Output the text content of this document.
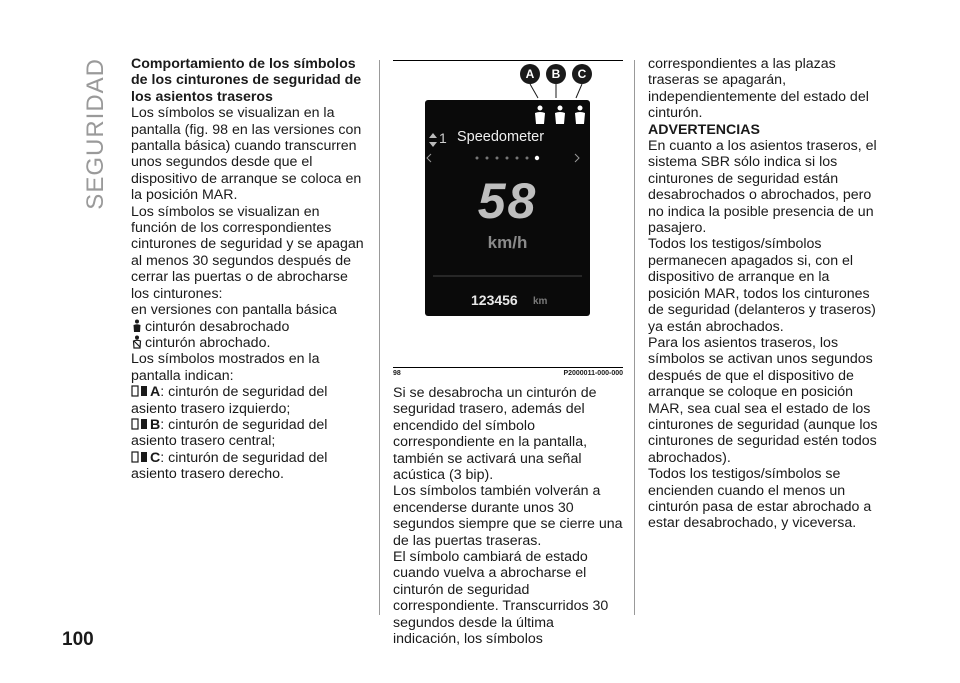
SEGURIDAD Comportamiento de los símbolos de los cinturones de seguridad de los asientos traseros

Los símbolos se visualizan en la pantalla (fig. 98 en las versiones con pantalla básica) cuando transcurren unos segundos desde que el dispositivo de arranque se coloca en la posición MAR.

Los símbolos se visualizan en función de los correspondientes cinturones de seguridad y se apagan al menos 30 segundos después de cerrar las puertas o de abrocharse los cinturones:

en versiones con pantalla básica

cinturón desabrochado

cinturón abrochado.

Los símbolos mostrados en la pantalla indican:

A: cinturón de seguridad del asiento trasero izquierdo;

B: cinturón de seguridad del asiento trasero central;

C: cinturón de seguridad del asiento trasero derecho.

A	B	C
1 Speedometer
58
km/h
123456 km
98	P2000011-000-000

Si se desabrocha un cinturón de seguridad trasero, además del encendido del símbolo correspondiente en la pantalla, también se activará una señal acústica (3 bip).

Los símbolos también volverán a encenderse durante unos 30 segundos siempre que se cierre una de las puertas traseras.

El símbolo cambiará de estado cuando vuelva a abrocharse el cinturón de seguridad correspondiente. Transcurridos 30 segundos desde la última indicación, los símbolos

correspondientes a las plazas traseras se apagarán, independientemente del estado del cinturón.

ADVERTENCIAS

En cuanto a los asientos traseros, el sistema SBR sólo indica si los cinturones de seguridad están desabrochados o abrochados, pero no indica la posible presencia de un pasajero.

Todos los testigos/símbolos permanecen apagados si, con el dispositivo de arranque en la posición MAR, todos los cinturones de seguridad (delanteros y traseros) ya están abrochados.

Para los asientos traseros, los símbolos se activan unos segundos después de que el dispositivo de arranque se coloque en posición MAR, sea cual sea el estado de los cinturones de seguridad (aunque los cinturones de seguridad estén todos abrochados).

Todos los testigos/símbolos se encienden cuando el menos un cinturón pasa de estar abrochado a estar desabrochado, y viceversa.

100
